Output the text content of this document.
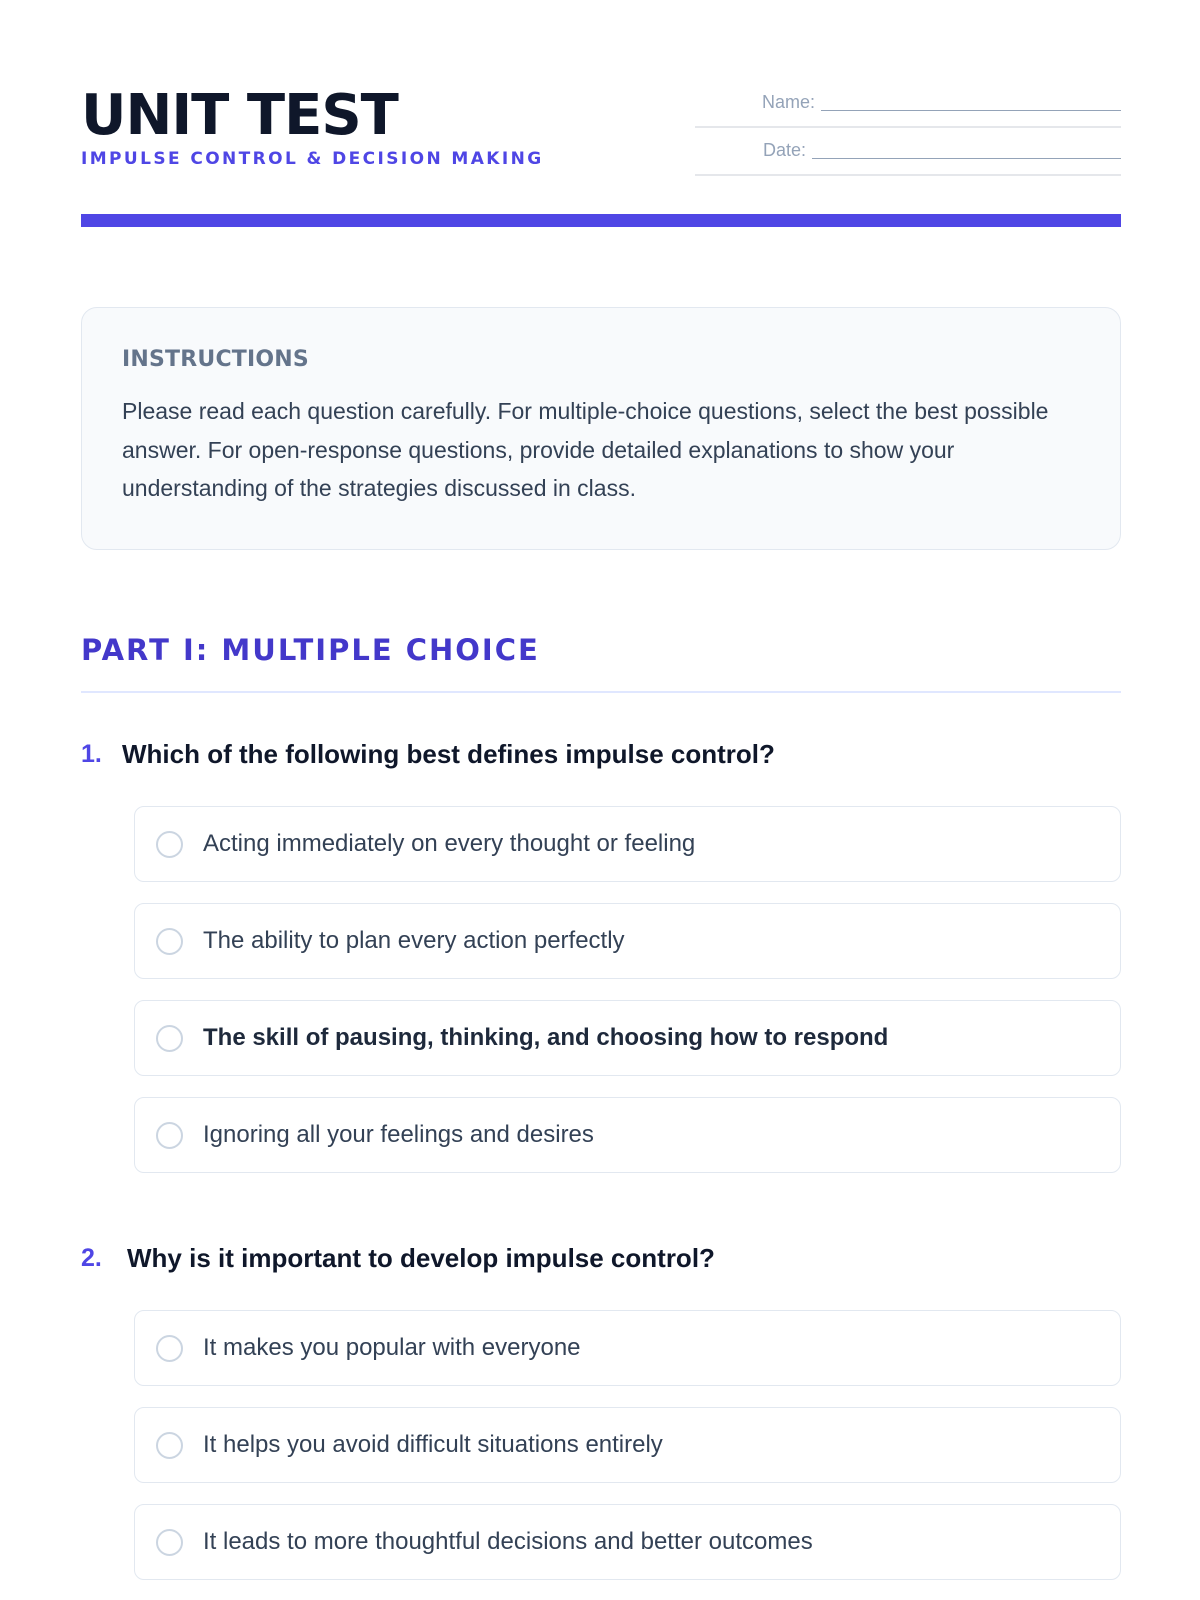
UNIT TEST
IMPULSE CONTROL & DECISION MAKING
Name:
Date:
INSTRUCTIONS
Please read each question carefully. For multiple-choice questions, select the best possible answer. For open-response questions, provide detailed explanations to show your understanding of the strategies discussed in class.
PART I: MULTIPLE CHOICE
1. Which of the following best defines impulse control?
Acting immediately on every thought or feeling
The ability to plan every action perfectly
The skill of pausing, thinking, and choosing how to respond
Ignoring all your feelings and desires
2. Why is it important to develop impulse control?
It makes you popular with everyone
It helps you avoid difficult situations entirely
It leads to more thoughtful decisions and better outcomes
